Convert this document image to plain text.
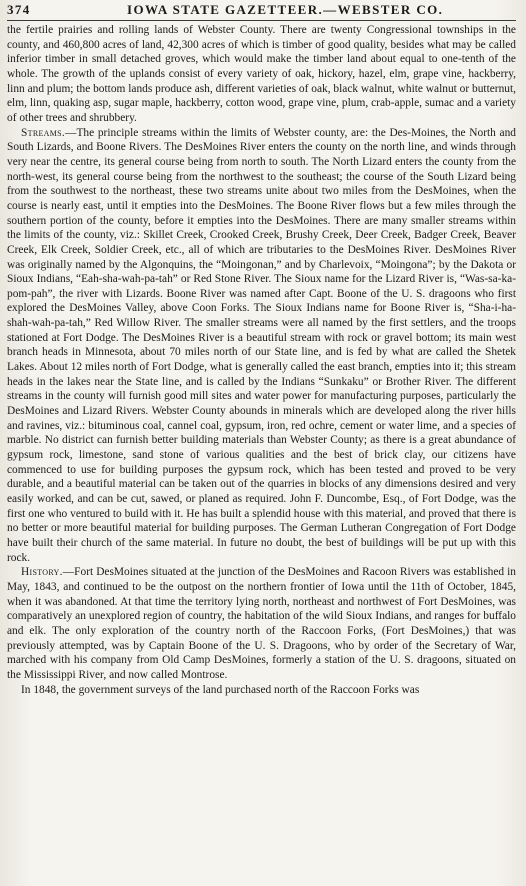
374	IOWA STATE GAZETTEER.—WEBSTER CO.

the fertile prairies and rolling lands of Webster County. There are twenty Congressional townships in the county, and 460,800 acres of land, 42,300 acres of which is timber of good quality, besides what may be called inferior timber in small detached groves, which would make the timber land about equal to one-tenth of the whole. The growth of the uplands consist of every variety of oak, hickory, hazel, elm, grape vine, hackberry, linn and plum; the bottom lands produce ash, different varieties of oak, black walnut, white walnut or butternut, elm, linn, quaking asp, sugar maple, hackberry, cotton wood, grape vine, plum, crab-apple, sumac and a variety of other trees and shrubbery.

Streams.—The principle streams within the limits of Webster county, are: the Des-Moines, the North and South Lizards, and Boone Rivers. The DesMoines River enters the county on the north line, and winds through very near the centre, its general course being from north to south. The North Lizard enters the county from the north-west, its general course being from the northwest to the southeast; the course of the South Lizard being from the southwest to the northeast, these two streams unite about two miles from the DesMoines, when the course is nearly east, until it empties into the DesMoines. The Boone River flows but a few miles through the southern portion of the county, before it empties into the DesMoines. There are many smaller streams within the limits of the county, viz.: Skillet Creek, Crooked Creek, Brushy Creek, Deer Creek, Badger Creek, Beaver Creek, Elk Creek, Soldier Creek, etc., all of which are tributaries to the DesMoines River. DesMoines River was originally named by the Algonquins, the “Moingonan,” and by Charlevoix, “Moingona”; by the Dakota or Sioux Indians, “Eah-sha-wah-pa-tah” or Red Stone River. The Sioux name for the Lizard River is, “Was-sa-ka-pom-pah”, the river with Lizards. Boone River was named after Capt. Boone of the U. S. dragoons who first explored the DesMoines Valley, above Coon Forks. The Sioux Indians name for Boone River is, “Sha-i-ha-shah-wah-pa-tah,” Red Willow River. The smaller streams were all named by the first settlers, and the troops stationed at Fort Dodge. The DesMoines River is a beautiful stream with rock or gravel bottom; its main west branch heads in Minnesota, about 70 miles north of our State line, and is fed by what are called the Shetek Lakes. About 12 miles north of Fort Dodge, what is generally called the east branch, empties into it; this stream heads in the lakes near the State line, and is called by the Indians “Sunkaku” or Brother River. The different streams in the county will furnish good mill sites and water power for manufacturing purposes, particularly the DesMoines and Lizard Rivers. Webster County abounds in minerals which are developed along the river hills and ravines, viz.: bituminous coal, cannel coal, gypsum, iron, red ochre, cement or water lime, and a species of marble. No district can furnish better building materials than Webster County; as there is a great abundance of gypsum rock, limestone, sand stone of various qualities and the best of brick clay, our citizens have commenced to use for building purposes the gypsum rock, which has been tested and proved to be very durable, and a beautiful material can be taken out of the quarries in blocks of any dimensions desired and very easily worked, and can be cut, sawed, or planed as required. John F. Duncombe, Esq., of Fort Dodge, was the first one who ventured to build with it. He has built a splendid house with this material, and proved that there is no better or more beautiful material for building purposes. The German Lutheran Congregation of Fort Dodge have built their church of the same material. In future no doubt, the best of buildings will be put up with this rock.

History.—Fort DesMoines situated at the junction of the DesMoines and Racoon Rivers was established in May, 1843, and continued to be the outpost on the northern frontier of Iowa until the 11th of October, 1845, when it was abandoned. At that time the territory lying north, northeast and northwest of Fort DesMoines, was comparatively an unexplored region of country, the habitation of the wild Sioux Indians, and ranges for buffalo and elk. The only exploration of the country north of the Raccoon Forks, (Fort DesMoines,) that was previously attempted, was by Captain Boone of the U. S. Dragoons, who by order of the Secretary of War, marched with his company from Old Camp DesMoines, formerly a station of the U. S. dragoons, situated on the Mississippi River, and now called Montrose.

In 1848, the government surveys of the land purchased north of the Raccoon Forks was
